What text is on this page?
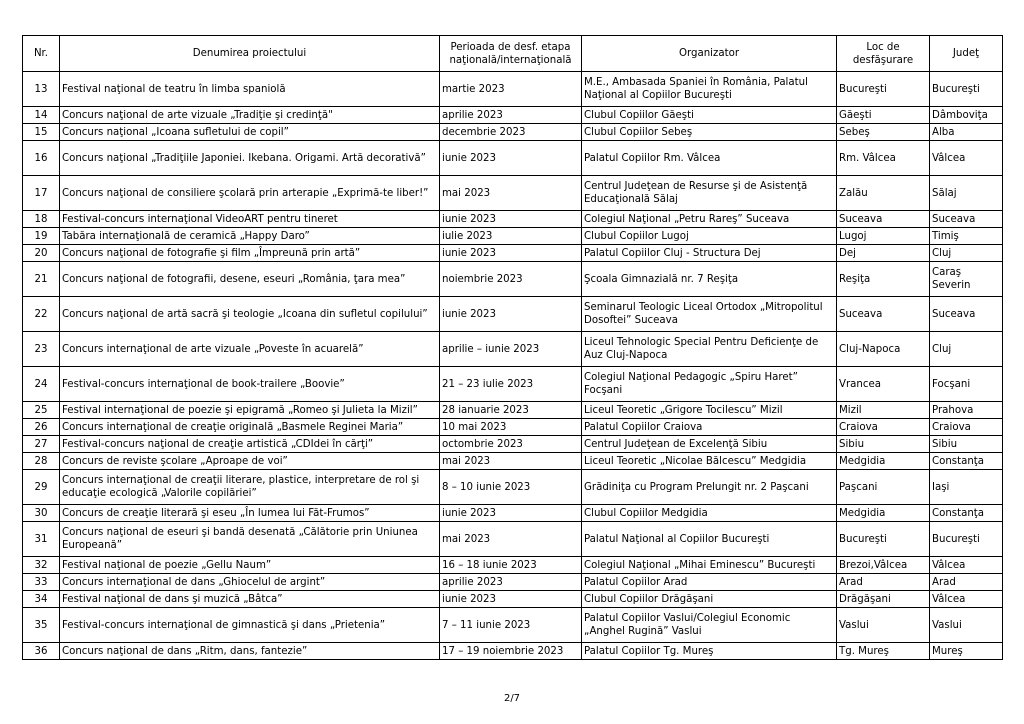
Nr.	Denumirea proiectului	Perioada de desf. etapa naţională/internaţională	Organizator	Loc de desfăşurare	Judeţ
13	Festival naţional de teatru în limba spaniolă	martie 2023	M.E., Ambasada Spaniei în România, Palatul Naţional al Copiilor Bucureşti	Bucureşti	Bucureşti
14	Concurs naţional de arte vizuale „Tradiţie şi credinţă"	aprilie 2023	Clubul Copiilor Găeşti	Găeşti	Dâmboviţa
15	Concurs naţional „Icoana sufletului de copil”	decembrie 2023	Clubul Copiilor Sebeş	Sebeş	Alba
16	Concurs naţional „Tradiţiile Japoniei. Ikebana. Origami. Artă decorativă”	iunie 2023	Palatul Copiilor Rm. Vâlcea	Rm. Vâlcea	Vâlcea
17	Concurs naţional de consiliere şcolară prin arterapie „Exprimă-te liber!”	mai 2023	Centrul Judeţean de Resurse şi de Asistenţă Educaţională Sălaj	Zalău	Sălaj
18	Festival-concurs internaţional VideoART pentru tineret	iunie 2023	Colegiul Naţional „Petru Rareş” Suceava	Suceava	Suceava
19	Tabăra internaţională de ceramică „Happy Daro”	iulie 2023	Clubul Copiilor Lugoj	Lugoj	Timiş
20	Concurs naţional de fotografie şi film „Împreună prin artă”	iunie 2023	Palatul Copiilor Cluj - Structura Dej	Dej	Cluj
21	Concurs naţional de fotografii, desene, eseuri „România, ţara mea”	noiembrie 2023	Şcoala Gimnazială nr. 7 Reşiţa	Reşiţa	Caraş Severin
22	Concurs naţional de artă sacră şi teologie „Icoana din sufletul copilului”	iunie 2023	Seminarul Teologic Liceal Ortodox „Mitropolitul Dosoftei” Suceava	Suceava	Suceava
23	Concurs internaţional de arte vizuale „Poveste în acuarelă”	aprilie – iunie 2023	Liceul Tehnologic Special Pentru Deficienţe de Auz Cluj-Napoca	Cluj-Napoca	Cluj
24	Festival-concurs internaţional de book-trailere „Boovie”	21 – 23 iulie 2023	Colegiul Naţional Pedagogic „Spiru Haret” Focşani	Vrancea	Focşani
25	Festival internaţional de poezie şi epigramă „Romeo şi Julieta la Mizil”	28 ianuarie 2023	Liceul Teoretic „Grigore Tocilescu” Mizil	Mizil	Prahova
26	Concurs internaţional de creaţie originală „Basmele Reginei Maria”	10 mai 2023	Palatul Copiilor Craiova	Craiova	Craiova
27	Festival-concurs naţional de creaţie artistică „CDIdei în cărţi”	octombrie 2023	Centrul Judeţean de Excelenţă Sibiu	Sibiu	Sibiu
28	Concurs de reviste şcolare „Aproape de voi”	mai 2023	Liceul Teoretic „Nicolae Bălcescu” Medgidia	Medgidia	Constanţa
29	Concurs internaţional de creaţii literare, plastice, interpretare de rol şi educaţie ecologică „Valorile copilăriei”	8 – 10 iunie 2023	Grădiniţa cu Program Prelungit nr. 2 Paşcani	Paşcani	Iaşi
30	Concurs de creaţie literară şi eseu „În lumea lui Făt-Frumos”	iunie 2023	Clubul Copiilor Medgidia	Medgidia	Constanţa
31	Concurs naţional de eseuri şi bandă desenată „Călătorie prin Uniunea Europeană”	mai 2023	Palatul Naţional al Copiilor Bucureşti	Bucureşti	Bucureşti
32	Festival naţional de poezie „Gellu Naum”	16 – 18 iunie 2023	Colegiul Naţional „Mihai Eminescu” Bucureşti	Brezoi,Vâlcea	Vâlcea
33	Concurs internaţional de dans „Ghiocelul de argint”	aprilie 2023	Palatul Copiilor Arad	Arad	Arad
34	Festival naţional de dans şi muzică „Bâtca”	iunie 2023	Clubul Copiilor Drăgăşani	Drăgăşani	Vâlcea
35	Festival-concurs internaţional de gimnastică şi dans „Prietenia”	7 – 11 iunie 2023	Palatul Copiilor Vaslui/Colegiul Economic „Anghel Rugină” Vaslui	Vaslui	Vaslui
36	Concurs naţional de dans „Ritm, dans, fantezie”	17 – 19 noiembrie 2023	Palatul Copiilor Tg. Mureş	Tg. Mureş	Mureş
2/7
